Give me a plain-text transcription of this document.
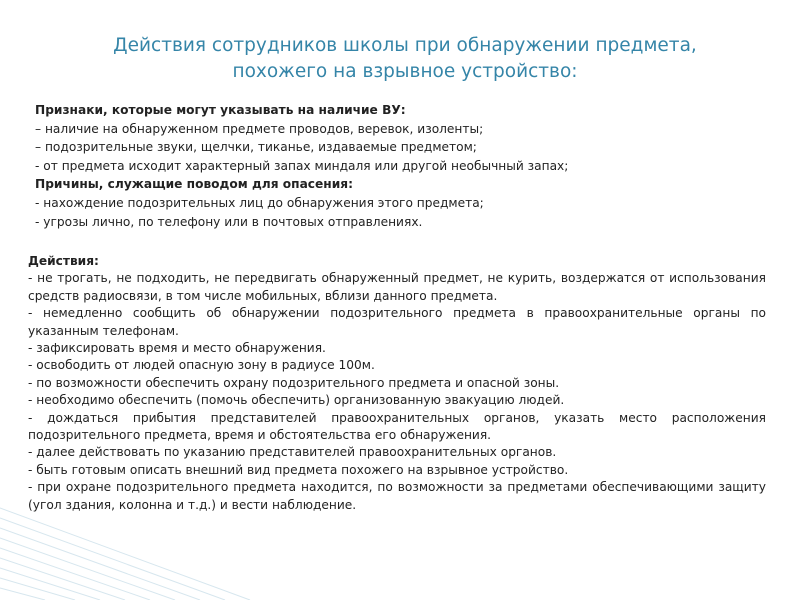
Действия сотрудников школы при обнаружении предмета,
похожего на взрывное устройство:
Признаки, которые могут указывать на наличие ВУ:
– наличие на обнаруженном предмете проводов, веревок, изоленты;
– подозрительные звуки, щелчки, тиканье, издаваемые предметом;
- от предмета исходит характерный запах миндаля или другой необычный запах;
Причины, служащие поводом для опасения:
- нахождение подозрительных лиц до обнаружения этого предмета;
- угрозы лично, по телефону или в почтовых отправлениях.

Действия:

- не трогать, не подходить, не передвигать обнаруженный предмет, не курить, воздержатся от использования средств радиосвязи, в том числе мобильных, вблизи данного предмета.

- немедленно сообщить об обнаружении подозрительного предмета в правоохранительные органы по указанным телефонам.

- зафиксировать время и место обнаружения.

- освободить от людей опасную зону в радиусе 100м.

- по возможности обеспечить охрану подозрительного предмета и опасной зоны.

- необходимо обеспечить (помочь обеспечить) организованную эвакуацию людей.

- дождаться прибытия представителей правоохранительных органов, указать место расположения подозрительного предмета, время и обстоятельства его обнаружения.

- далее действовать по указанию представителей правоохранительных органов.

- быть готовым описать внешний вид предмета похожего на взрывное устройство.

- при охране подозрительного предмета находится, по возможности за предметами обеспечивающими защиту (угол здания, колонна и т.д.) и вести наблюдение.
